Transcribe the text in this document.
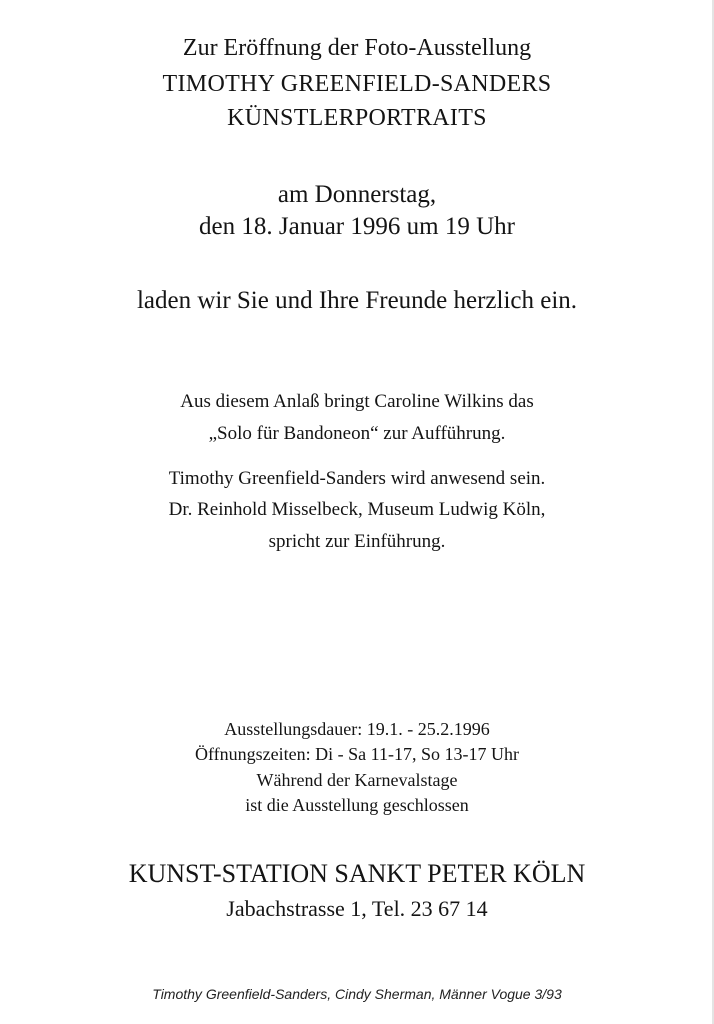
Zur Eröffnung der Foto-Ausstellung
TIMOTHY GREENFIELD-SANDERS
KÜNSTLERPORTRAITS
am Donnerstag,
den 18. Januar 1996 um 19 Uhr
laden wir Sie und Ihre Freunde herzlich ein.
Aus diesem Anlaß bringt Caroline Wilkins das
„Solo für Bandoneon“ zur Aufführung.
Timothy Greenfield-Sanders wird anwesend sein.
Dr. Reinhold Misselbeck, Museum Ludwig Köln,
spricht zur Einführung.
Ausstellungsdauer: 19.1. - 25.2.1996
Öffnungszeiten: Di - Sa 11-17, So 13-17 Uhr
Während der Karnevalstage
ist die Ausstellung geschlossen
KUNST-STATION SANKT PETER KÖLN
Jabachstrasse 1, Tel. 23 67 14
Timothy Greenfield-Sanders, Cindy Sherman, Männer Vogue 3/93
